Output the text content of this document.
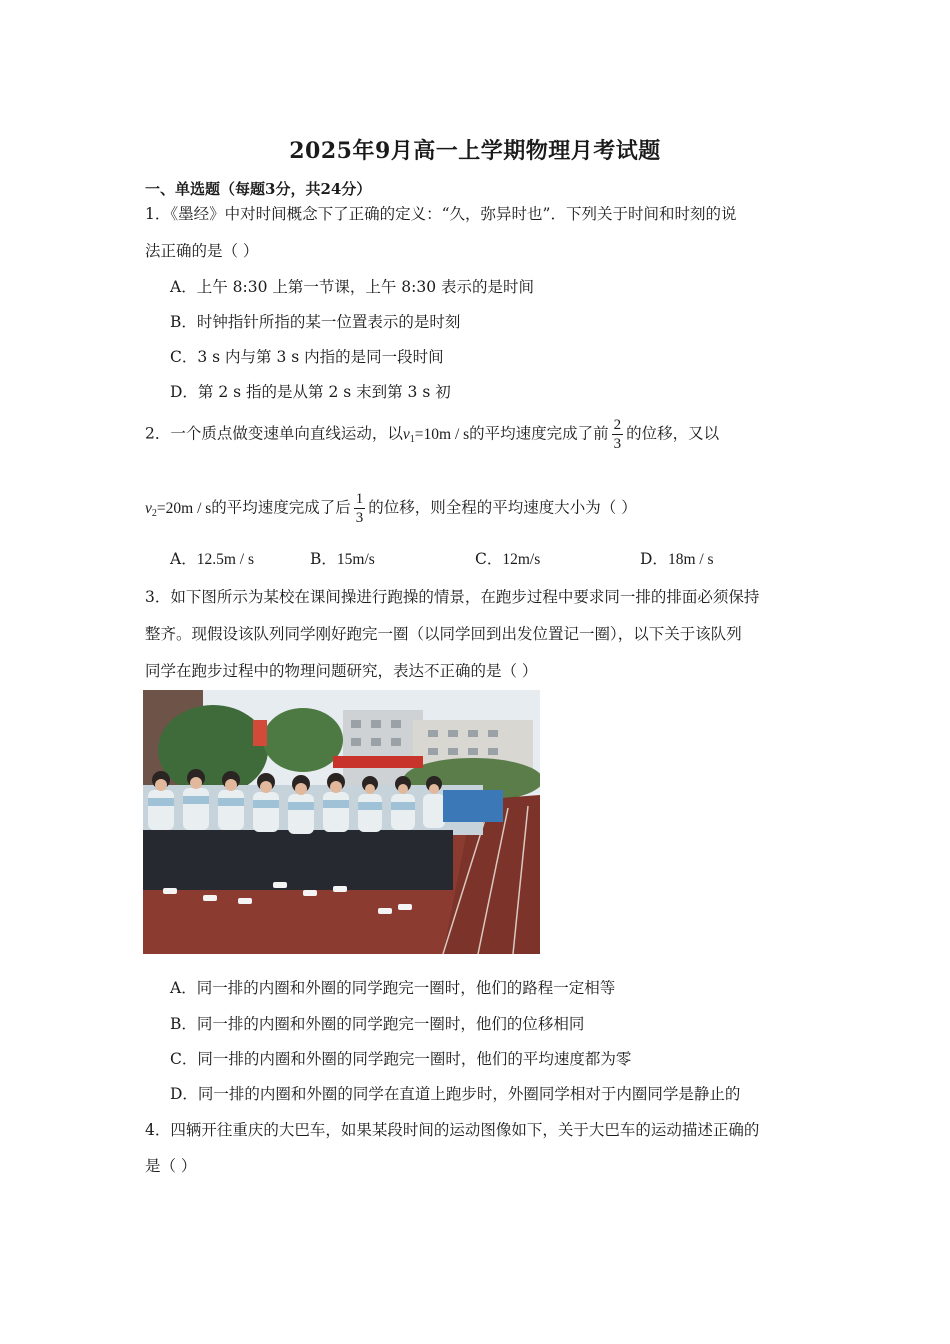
2025年9月高一上学期物理月考试题
一、单选题（每题3分，共24分）
1．《墨经》中对时间概念下了正确的定义：“久，弥异时也”．下列关于时间和时刻的说
法正确的是（ ）
A．上午 8:30 上第一节课，上午 8:30 表示的是时间
B．时钟指针所指的某一位置表示的是时刻
C．3 s 内与第 3 s 内指的是同一段时间
D．第 2 s 指的是从第 2 s 末到第 3 s 初
2．一个质点做变速单向直线运动，以$v_1=10m / s$的平均速度完成了前 $\frac{2}{3}$ 的位移，又以
$v_2=20m / s$的平均速度完成了后 $\frac{1}{3}$ 的位移，则全程的平均速度大小为（ ）
A．12.5m / s	B．15m/s	C．12m/s	D．18m / s
3．如下图所示为某校在课间操进行跑操的情景，在跑步过程中要求同一排的排面必须保持
整齐。现假设该队列同学刚好跑完一圈（以同学回到出发位置记一圈），以下关于该队列
同学在跑步过程中的物理问题研究，表达不正确的是（ ）
A．同一排的内圈和外圈的同学跑完一圈时，他们的路程一定相等
B．同一排的内圈和外圈的同学跑完一圈时，他们的位移相同
C．同一排的内圈和外圈的同学跑完一圈时，他们的平均速度都为零
D．同一排的内圈和外圈的同学在直道上跑步时，外圈同学相对于内圈同学是静止的
4．四辆开往重庆的大巴车，如果某段时间的运动图像如下，关于大巴车的运动描述正确的
是（ ）
